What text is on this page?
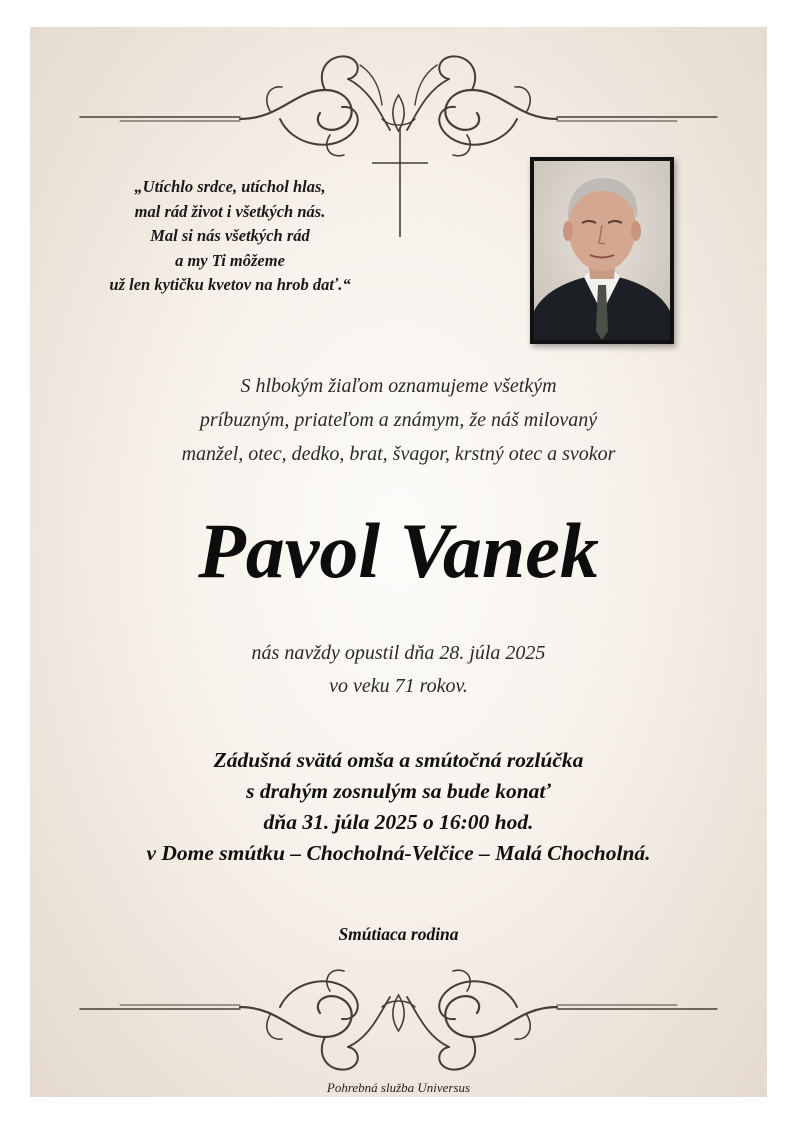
„Utíchlo srdce, utíchol hlas,
mal rád život i všetkých nás.
Mal si nás všetkých rád
a my Ti môžeme
už len kytičku kvetov na hrob dať.“
S hlbokým žiaľom oznamujeme všetkým
príbuzným, priateľom a známym, že náš milovaný
manžel, otec, dedko, brat, švagor, krstný otec a svokor
Pavol Vanek
nás navždy opustil dňa 28. júla 2025
vo veku 71 rokov.
Zádušná svätá omša a smútočná rozlúčka
s drahým zosnulým sa bude konať
dňa 31. júla 2025 o 16:00 hod.
v Dome smútku – Chocholná-Velčice – Malá Chocholná.
Smútiaca rodina
Pohrebná služba Universus
